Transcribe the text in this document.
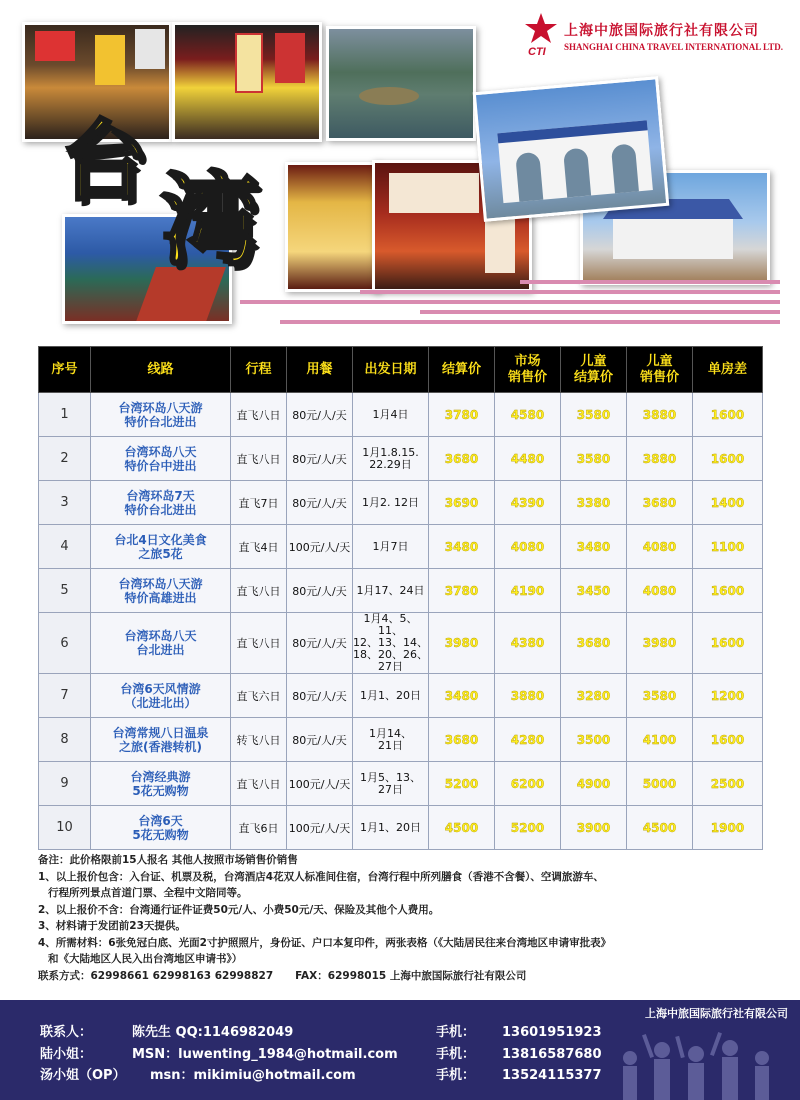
CTI
上海中旅国际旅行社有限公司
SHANGHAI CHINA TRAVEL INTERNATIONAL LTD.
台
湾
序号	线路	行程	用餐	出发日期	结算价	市场
销售价	儿童
结算价	儿童
销售价	单房差
1	台湾环岛八天游
特价台北进出	直飞八日	80元/人/天	1月4日	3780	4580	3580	3880	1600
2	台湾环岛八天
特价台中进出	直飞八日	80元/人/天	1月1.8.15.
22.29日	3680	4480	3580	3880	1600
3	台湾环岛7天
特价台北进出	直飞7日	80元/人/天	1月2. 12日	3690	4390	3380	3680	1400
4	台北4日文化美食
之旅5花	直飞4日	100元/人/天	1月7日	3480	4080	3480	4080	1100
5	台湾环岛八天游
特价高雄进出	直飞八日	80元/人/天	1月17、24日	3780	4190	3450	4080	1600
6	台湾环岛八天
台北进出	直飞八日	80元/人/天	1月4、5、11、
12、13、14、
18、20、26、
27日	3980	4380	3680	3980	1600
7	台湾6天风情游
（北进北出）	直飞六日	80元/人/天	1月1、20日	3480	3880	3280	3580	1200
8	台湾常规八日温泉
之旅(香港转机)	转飞八日	80元/人/天	1月14、
21日	3680	4280	3500	4100	1600
9	台湾经典游
5花无购物	直飞八日	100元/人/天	1月5、13、
27日	5200	6200	4900	5000	2500
10	台湾6天
5花无购物	直飞6日	100元/人/天	1月1、20日	4500	5200	3900	4500	1900
备注：此价格限前15人报名 其他人按照市场销售价销售
1、以上报价包含：入台证、机票及税，台湾酒店4花双人标准间住宿，台湾行程中所列膳食（香港不含餐）、空调旅游车、
行程所列景点首道门票、全程中文陪同等。
2、以上报价不含：台湾通行证件证费50元/人、小费50元/天、保险及其他个人费用。
3、材料请于发团前23天提供。
4、所需材料：6张免冠白底、光面2寸护照照片，身份证、户口本复印件，两张表格（《大陆居民往来台湾地区申请审批表》
和《大陆地区人民入出台湾地区申请书》）
联系方式：62998661 62998163 62998827      FAX：62998015 上海中旅国际旅行社有限公司
上海中旅国际旅行社有限公司
联系人：	陈先生 QQ:1146982049	手机： 13601951923
陆小姐：	MSN：luwenting_1984@hotmail.com	手机： 13816587680
汤小姐（OP） msn：mikimiu@hotmail.com	手机： 13524115377
